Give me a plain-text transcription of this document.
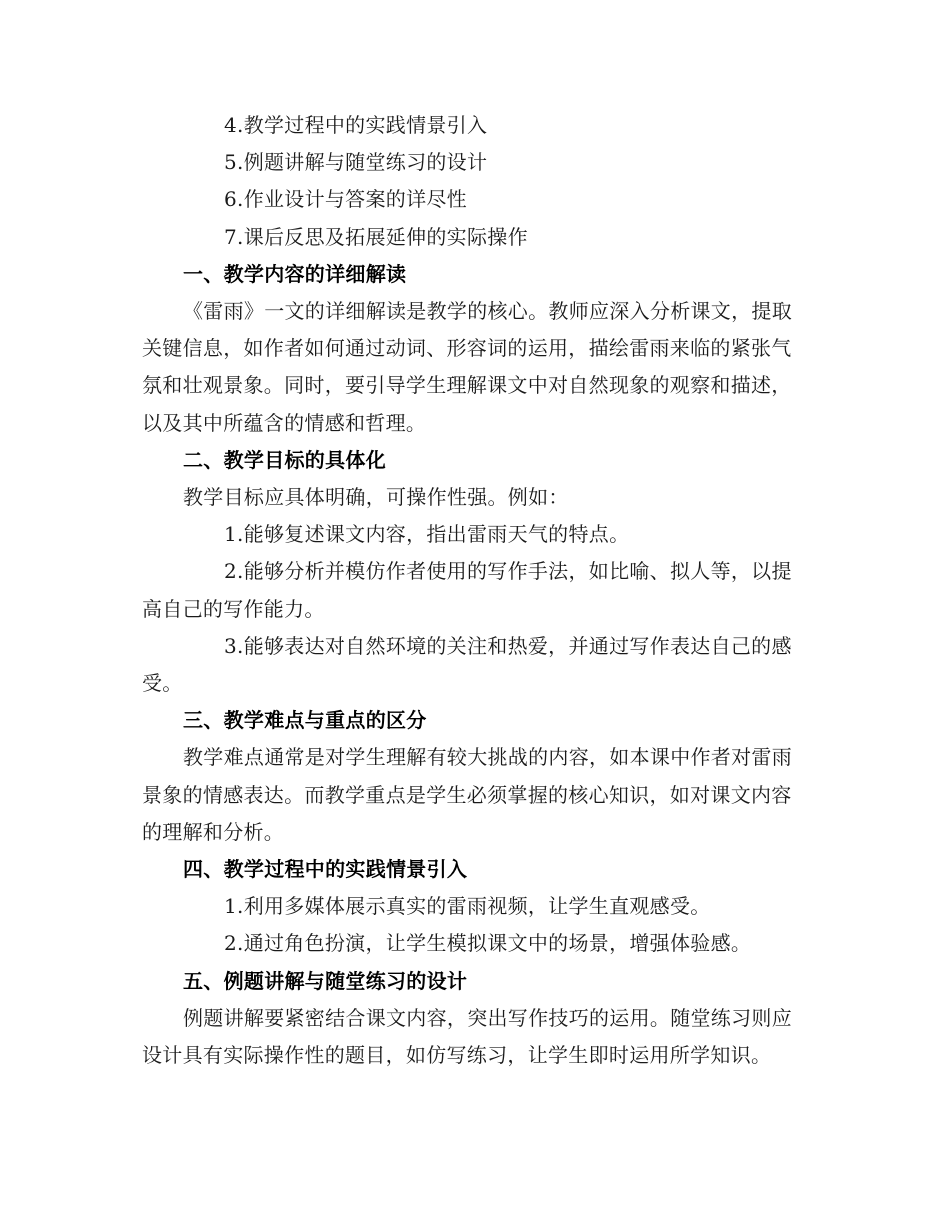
4.教学过程中的实践情景引入

5.例题讲解与随堂练习的设计

6.作业设计与答案的详尽性

7.课后反思及拓展延伸的实际操作

一、教学内容的详细解读

《雷雨》一文的详细解读是教学的核心。教师应深入分析课文，提取关键信息，如作者如何通过动词、形容词的运用，描绘雷雨来临的紧张气氛和壮观景象。同时，要引导学生理解课文中对自然现象的观察和描述，以及其中所蕴含的情感和哲理。

二、教学目标的具体化

教学目标应具体明确，可操作性强。例如：

1.能够复述课文内容，指出雷雨天气的特点。

2.能够分析并模仿作者使用的写作手法，如比喻、拟人等，以提高自己的写作能力。

3.能够表达对自然环境的关注和热爱，并通过写作表达自己的感受。

三、教学难点与重点的区分

教学难点通常是对学生理解有较大挑战的内容，如本课中作者对雷雨景象的情感表达。而教学重点是学生必须掌握的核心知识，如对课文内容的理解和分析。

四、教学过程中的实践情景引入

1.利用多媒体展示真实的雷雨视频，让学生直观感受。

2.通过角色扮演，让学生模拟课文中的场景，增强体验感。

五、例题讲解与随堂练习的设计

例题讲解要紧密结合课文内容，突出写作技巧的运用。随堂练习则应设计具有实际操作性的题目，如仿写练习，让学生即时运用所学知识。
